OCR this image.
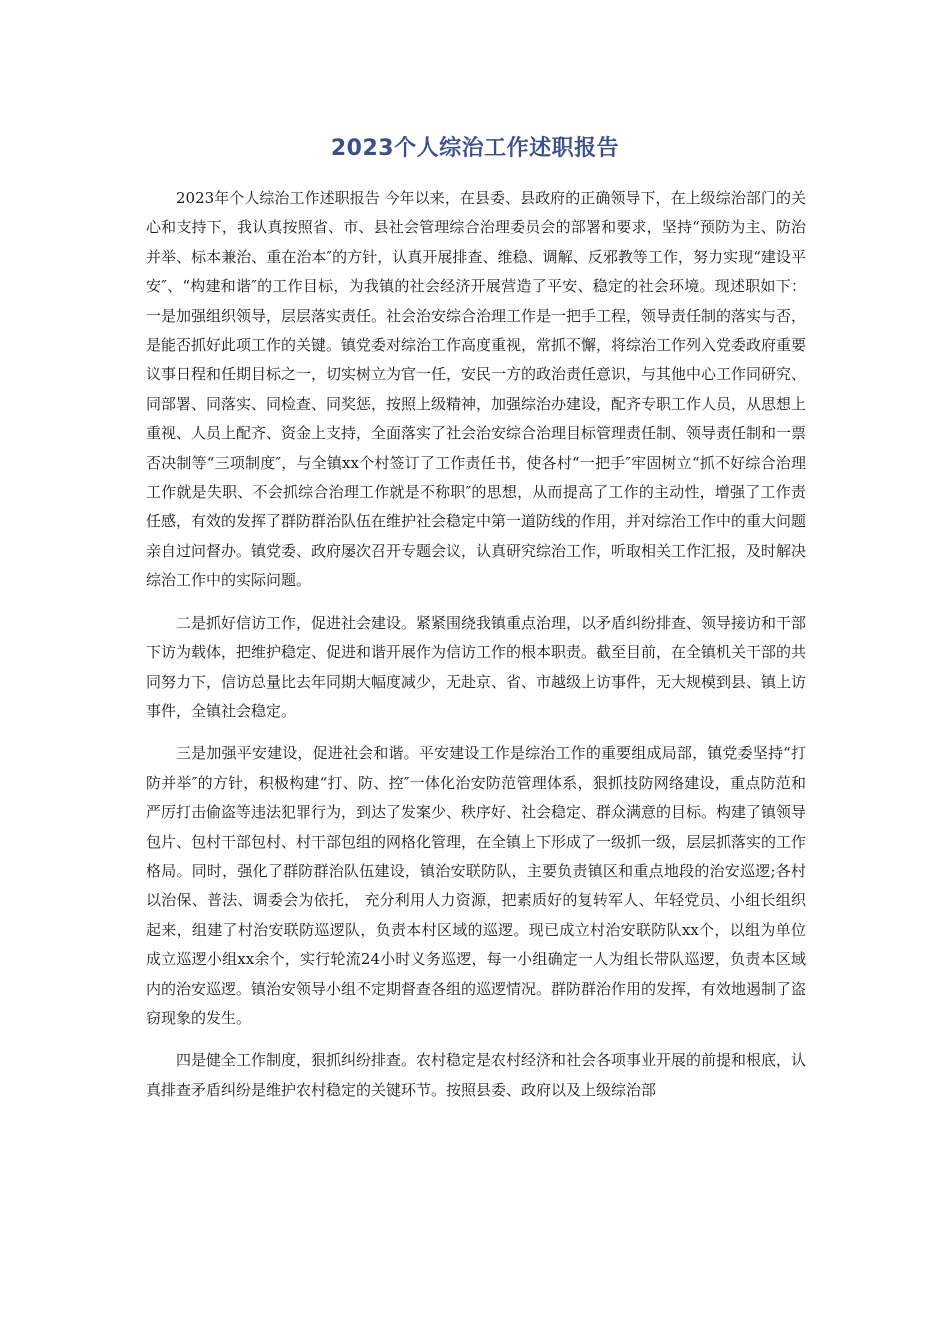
2023个人综治工作述职报告

2023年个人综治工作述职报告 今年以来，在县委、县政府的正确领导下，在上级综治部门的关心和支持下，我认真按照省、市、县社会管理综合治理委员会的部署和要求，坚持“预防为主、防治并举、标本兼治、重在治本″的方针，认真开展排查、维稳、调解、反邪教等工作，努力实现“建设平安″、“构建和谐″的工作目标，为我镇的社会经济开展营造了平安、稳定的社会环境。现述职如下：一是加强组织领导，层层落实责任。社会治安综合治理工作是一把手工程，领导责任制的落实与否，是能否抓好此项工作的关键。镇党委对综治工作高度重视，常抓不懈，将综治工作列入党委政府重要议事日程和任期目标之一，切实树立为官一任，安民一方的政治责任意识，与其他中心工作同研究、同部署、同落实、同检查、同奖惩，按照上级精神，加强综治办建设，配齐专职工作人员，从思想上重视、人员上配齐、资金上支持，全面落实了社会治安综合治理目标管理责任制、领导责任制和一票否决制等“三项制度″，与全镇xx个村签订了工作责任书，使各村“一把手″牢固树立“抓不好综合治理工作就是失职、不会抓综合治理工作就是不称职″的思想，从而提高了工作的主动性，增强了工作责任感，有效的发挥了群防群治队伍在维护社会稳定中第一道防线的作用，并对综治工作中的重大问题亲自过问督办。镇党委、政府屡次召开专题会议，认真研究综治工作，听取相关工作汇报，及时解决综治工作中的实际问题。

二是抓好信访工作，促进社会建设。紧紧围绕我镇重点治理，以矛盾纠纷排查、领导接访和干部下访为载体，把维护稳定、促进和谐开展作为信访工作的根本职责。截至目前，在全镇机关干部的共同努力下，信访总量比去年同期大幅度减少，无赴京、省、市越级上访事件，无大规模到县、镇上访事件，全镇社会稳定。

三是加强平安建设，促进社会和谐。平安建设工作是综治工作的重要组成局部，镇党委坚持“打防并举″的方针，积极构建“打、防、控″一体化治安防范管理体系，狠抓技防网络建设，重点防范和严厉打击偷盗等违法犯罪行为，到达了发案少、秩序好、社会稳定、群众满意的目标。构建了镇领导包片、包村干部包村、村干部包组的网格化管理，在全镇上下形成了一级抓一级，层层抓落实的工作格局。同时，强化了群防群治队伍建设，镇治安联防队，主要负责镇区和重点地段的治安巡逻;各村以治保、普法、调委会为依托， 充分利用人力资源，把素质好的复转军人、年轻党员、小组长组织起来，组建了村治安联防巡逻队，负责本村区域的巡逻。现已成立村治安联防队xx个，以组为单位成立巡逻小组xx余个，实行轮流24小时义务巡逻，每一小组确定一人为组长带队巡逻，负责本区域内的治安巡逻。镇治安领导小组不定期督查各组的巡逻情况。群防群治作用的发挥，有效地遏制了盗窃现象的发生。

四是健全工作制度，狠抓纠纷排查。农村稳定是农村经济和社会各项事业开展的前提和根底，认真排查矛盾纠纷是维护农村稳定的关键环节。按照县委、政府以及上级综治部
